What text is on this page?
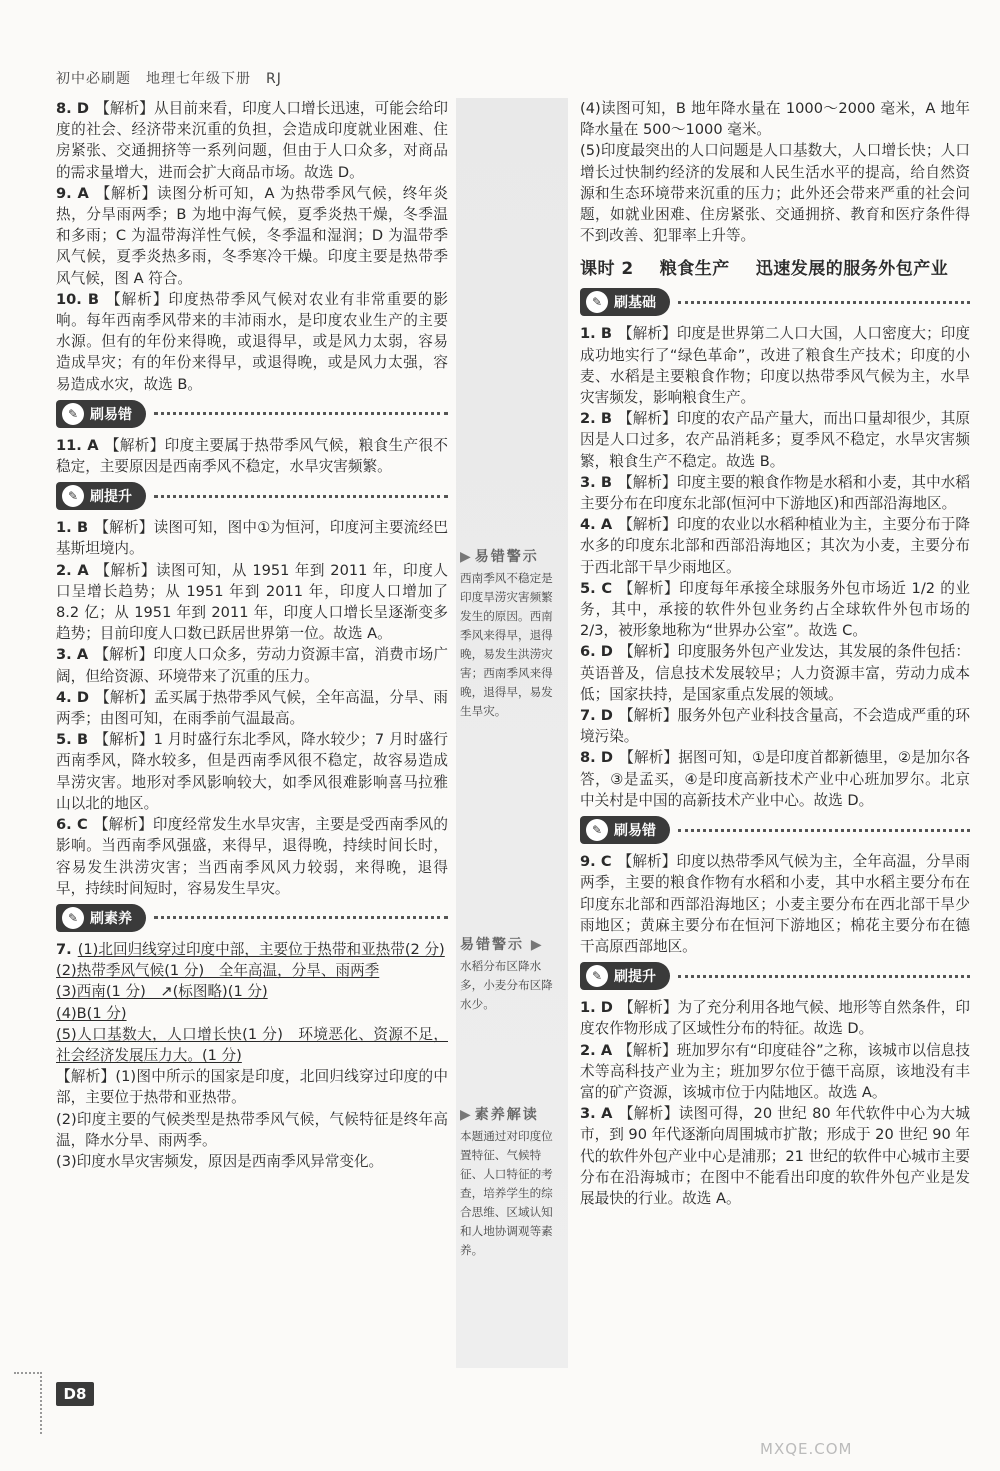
初中必刷题　地理七年级下册　RJ

8. D 【解析】从目前来看，印度人口增长迅速，可能会给印度的社会、经济带来沉重的负担，会造成印度就业困难、住房紧张、交通拥挤等一系列问题，但由于人口众多，对商品的需求量增大，进而会扩大商品市场。故选 D。

9. A 【解析】读图分析可知，A 为热带季风气候，终年炎热，分旱雨两季；B 为地中海气候，夏季炎热干燥，冬季温和多雨；C 为温带海洋性气候，冬季温和湿润；D 为温带季风气候，夏季炎热多雨，冬季寒冷干燥。印度主要是热带季风气候，图 A 符合。

10. B 【解析】印度热带季风气候对农业有非常重要的影响。每年西南季风带来的丰沛雨水，是印度农业生产的主要水源。但有的年份来得晚，或退得早，或是风力太弱，容易造成旱灾；有的年份来得早，或退得晚，或是风力太强，容易造成水灾，故选 B。

✎ 刷易错

11. A 【解析】印度主要属于热带季风气候，粮食生产很不稳定，主要原因是西南季风不稳定，水旱灾害频繁。

✎ 刷提升

1. B 【解析】读图可知，图中①为恒河，印度河主要流经巴基斯坦境内。

2. A 【解析】读图可知，从 1951 年到 2011 年，印度人口呈增长趋势；从 1951 年到 2011 年，印度人口增加了 8.2 亿；从 1951 年到 2011 年，印度人口增长呈逐渐变多趋势；目前印度人口数已跃居世界第一位。故选 A。

3. A 【解析】印度人口众多，劳动力资源丰富，消费市场广阔，但给资源、环境带来了沉重的压力。

4. D 【解析】孟买属于热带季风气候，全年高温，分旱、雨两季；由图可知，在雨季前气温最高。

5. B 【解析】1 月时盛行东北季风，降水较少；7 月时盛行西南季风，降水较多，但是西南季风很不稳定，故容易造成旱涝灾害。地形对季风影响较大，如季风很难影响喜马拉雅山以北的地区。

6. C 【解析】印度经常发生水旱灾害，主要是受西南季风的影响。当西南季风强盛，来得早，退得晚，持续时间长时，容易发生洪涝灾害；当西南季风风力较弱，来得晚，退得早，持续时间短时，容易发生旱灾。

✎ 刷素养
7. (1)北回归线穿过印度中部，主要位于热带和亚热带(2 分)
(2)热带季风气候(1 分)　全年高温，分旱、雨两季
(3)西南(1 分)　↗(标图略)(1 分)
(4)B(1 分)
(5)人口基数大，人口增长快(1 分)　环境恶化、资源不足，社会经济发展压力大。(1 分)
【解析】(1)图中所示的国家是印度，北回归线穿过印度的中部，主要位于热带和亚热带。
(2)印度主要的气候类型是热带季风气候，气候特征是终年高温，降水分旱、雨两季。
(3)印度水旱灾害频发，原因是西南季风异常变化。
▶ 易错警示
西南季风不稳定是印度旱涝灾害频繁发生的原因。西南季风来得早，退得晚，易发生洪涝灾害；西南季风来得晚，退得早，易发生旱灾。
易错警示 ▶
水稻分布区降水多，小麦分布区降水少。
▶ 素养解读
本题通过对印度位置特征、气候特征、人口特征的考查，培养学生的综合思维、区域认知和人地协调观等素养。

(4)读图可知，B 地年降水量在 1000～2000 毫米，A 地年降水量在 500～1000 毫米。

(5)印度最突出的人口问题是人口基数大，人口增长快；人口增长过快制约经济的发展和人民生活水平的提高，给自然资源和生态环境带来沉重的压力；此外还会带来严重的社会问题，如就业困难、住房紧张、交通拥挤、教育和医疗条件得不到改善、犯罪率上升等。

课时 2 粮食生产 迅速发展的服务外包产业
✎ 刷基础

1. B 【解析】印度是世界第二人口大国，人口密度大；印度成功地实行了“绿色革命”，改进了粮食生产技术；印度的小麦、水稻是主要粮食作物；印度以热带季风气候为主，水旱灾害频发，影响粮食生产。

2. B 【解析】印度的农产品产量大，而出口量却很少，其原因是人口过多，农产品消耗多；夏季风不稳定，水旱灾害频繁，粮食生产不稳定。故选 B。

3. B 【解析】印度主要的粮食作物是水稻和小麦，其中水稻主要分布在印度东北部(恒河中下游地区)和西部沿海地区。

4. A 【解析】印度的农业以水稻种植业为主，主要分布于降水多的印度东北部和西部沿海地区；其次为小麦，主要分布于西北部干旱少雨地区。

5. C 【解析】印度每年承接全球服务外包市场近 1/2 的业务，其中，承接的软件外包业务约占全球软件外包市场的 2/3，被形象地称为“世界办公室”。故选 C。

6. D 【解析】印度服务外包产业发达，其发展的条件包括：英语普及，信息技术发展较早；人力资源丰富，劳动力成本低；国家扶持，是国家重点发展的领域。

7. D 【解析】服务外包产业科技含量高，不会造成严重的环境污染。

8. D 【解析】据图可知，①是印度首都新德里，②是加尔各答，③是孟买，④是印度高新技术产业中心班加罗尔。北京中关村是中国的高新技术产业中心。故选 D。

✎ 刷易错

9. C 【解析】印度以热带季风气候为主，全年高温，分旱雨两季，主要的粮食作物有水稻和小麦，其中水稻主要分布在印度东北部和西部沿海地区；小麦主要分布在西北部干旱少雨地区；黄麻主要分布在恒河下游地区；棉花主要分布在德干高原西部地区。

✎ 刷提升

1. D 【解析】为了充分利用各地气候、地形等自然条件，印度农作物形成了区域性分布的特征。故选 D。

2. A 【解析】班加罗尔有“印度硅谷”之称，该城市以信息技术等高科技产业为主；班加罗尔位于德干高原，该地没有丰富的矿产资源，该城市位于内陆地区。故选 A。

3. A 【解析】读图可得，20 世纪 80 年代软件中心为大城市，到 90 年代逐渐向周围城市扩散；形成于 20 世纪 90 年代的软件外包产业中心是浦那；21 世纪的软件中心城市主要分布在沿海城市；在图中不能看出印度的软件外包产业是发展最快的行业。故选 A。

D8
MXQE.COM
